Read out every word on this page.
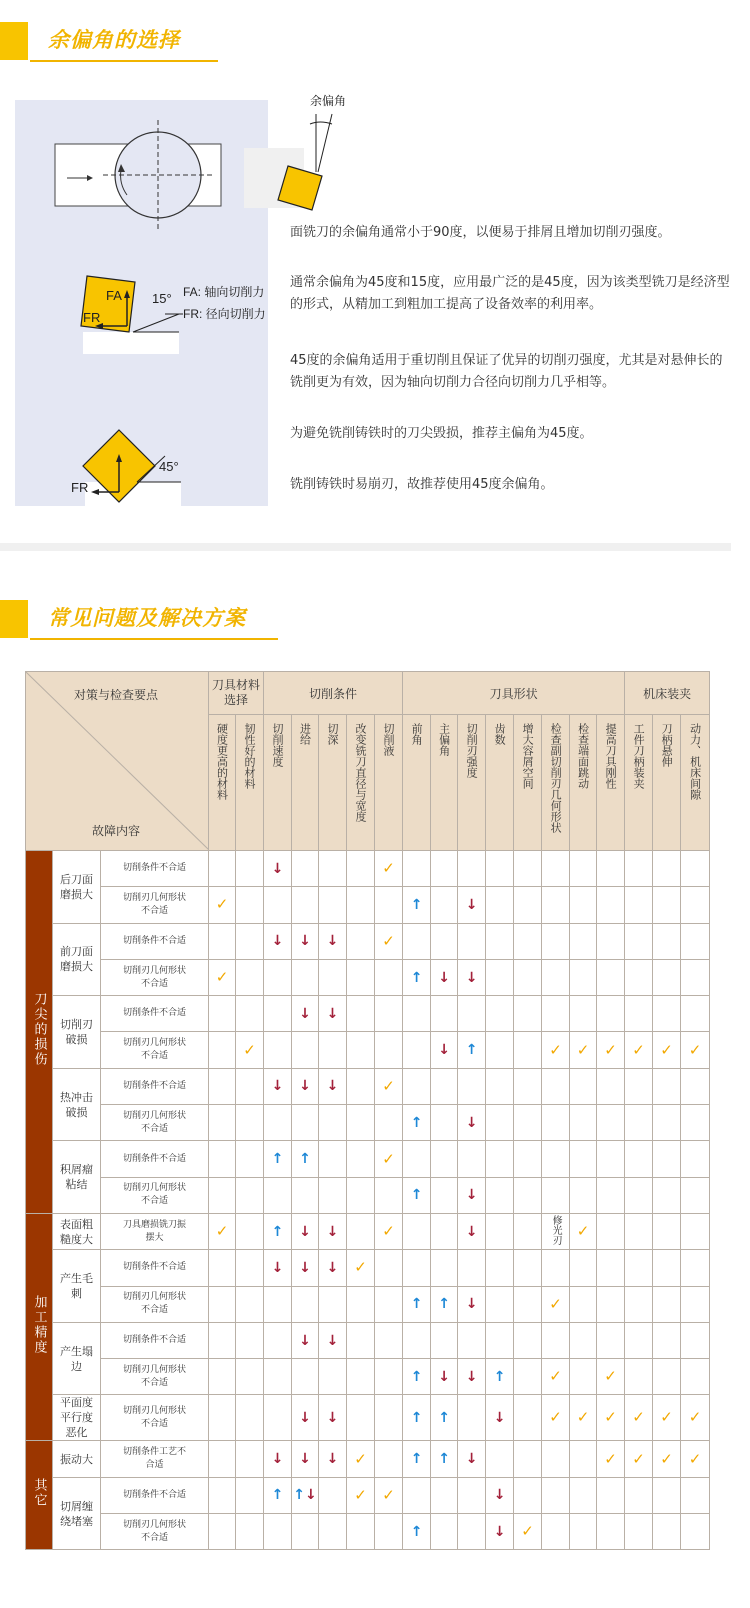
余偏角的选择
FA
FR
15° FA: 轴向切削力
FR: 径向切削力
FR
45°
余偏角

面铣刀的余偏角通常小于90度，以便易于排屑且增加切削刃强度。

通常余偏角为45度和15度，应用最广泛的是45度，因为该类型铣刀是经济型的形式，从精加工到粗加工提高了设备效率的利用率。

45度的余偏角适用于重切削且保证了优异的切削刃强度，尤其是对悬伸长的铣削更为有效，因为轴向切削力合径向切削力几乎相等。

为避免铣削铸铁时的刀尖毁损，推荐主偏角为45度。

铣削铸铁时易崩刃，故推荐使用45度余偏角。

常见问题及解决方案
对策与检查要点
故障内容			刀具材料选择		切削条件					刀具形状								机床装夹		
			硬度更高的材料	韧性好的材料	切削速度	进给	切深	改变铣刀直径与宽度	切削液	前角	主偏角	切削刃强度	齿数	增大容屑空间	检查副切削刃几何形状	检查端面跳动	提高刀具刚性	工件刀柄装夹	刀柄悬伸	动力、机床间隙
刀尖的损伤	后刀面磨损大	切削条件不合适			↓				✓											
		切削刃几何形状不合适	✓							↑		↓								
	前刀面磨损大	切削条件不合适			↓	↓	↓		✓											
		切削刃几何形状不合适	✓							↑	↓	↓								
	切削刃破损	切削条件不合适				↓	↓													
		切削刃几何形状不合适		✓							↓	↑			✓	✓	✓	✓	✓	✓
	热冲击破损	切削条件不合适			↓	↓	↓		✓											
		切削刃几何形状不合适								↑		↓								
	积屑瘤粘结	切削条件不合适			↑	↑			✓											
		切削刃几何形状不合适								↑		↓								
加工精度	表面粗糙度大	刀具磨损铣刀振摆大	✓		↑	↓	↓		✓			↓			修光刃	✓				
	产生毛刺	切削条件不合适			↓	↓	↓	✓												
		切削刃几何形状不合适								↑	↑	↓			✓					
	产生塌边	切削条件不合适				↓	↓													
		切削刃几何形状不合适								↑	↓	↓	↑		✓		✓			
	平面度平行度恶化	切削刃几何形状不合适				↓	↓			↑	↑		↓		✓	✓	✓	✓	✓	✓
其它	振动大	切削条件工艺不合适			↓	↓	↓	✓		↑	↑	↓					✓	✓	✓	✓
	切屑缠绕堵塞	切削条件不合适			↑	↑↓		✓	✓				↓							
		切削刃几何形状不合适								↑			↓	✓						
